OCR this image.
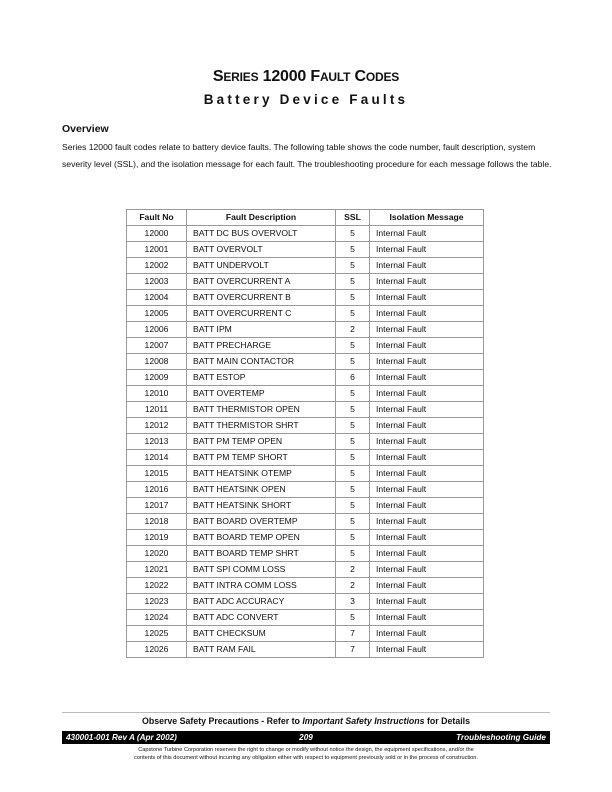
SERIES 12000 FAULT CODES
Battery Device Faults
Overview

Series 12000 fault codes relate to battery device faults. The following table shows the code number, fault description, system severity level (SSL), and the isolation message for each fault. The troubleshooting procedure for each message follows the table.

Fault No	Fault Description	SSL	Isolation Message
12000	BATT DC BUS OVERVOLT	5	Internal Fault
12001	BATT OVERVOLT	5	Internal Fault
12002	BATT UNDERVOLT	5	Internal Fault
12003	BATT OVERCURRENT A	5	Internal Fault
12004	BATT OVERCURRENT B	5	Internal Fault
12005	BATT OVERCURRENT C	5	Internal Fault
12006	BATT IPM	2	Internal Fault
12007	BATT PRECHARGE	5	Internal Fault
12008	BATT MAIN CONTACTOR	5	Internal Fault
12009	BATT ESTOP	6	Internal Fault
12010	BATT OVERTEMP	5	Internal Fault
12011	BATT THERMISTOR OPEN	5	Internal Fault
12012	BATT THERMISTOR SHRT	5	Internal Fault
12013	BATT PM TEMP OPEN	5	Internal Fault
12014	BATT PM TEMP SHORT	5	Internal Fault
12015	BATT HEATSINK OTEMP	5	Internal Fault
12016	BATT HEATSINK OPEN	5	Internal Fault
12017	BATT HEATSINK SHORT	5	Internal Fault
12018	BATT BOARD OVERTEMP	5	Internal Fault
12019	BATT BOARD TEMP OPEN	5	Internal Fault
12020	BATT BOARD TEMP SHRT	5	Internal Fault
12021	BATT SPI COMM LOSS	2	Internal Fault
12022	BATT INTRA COMM LOSS	2	Internal Fault
12023	BATT ADC ACCURACY	3	Internal Fault
12024	BATT ADC CONVERT	5	Internal Fault
12025	BATT CHECKSUM	7	Internal Fault
12026	BATT RAM FAIL	7	Internal Fault
Observe Safety Precautions - Refer to Important Safety Instructions for Details
209
430001-001 Rev A (Apr 2002)	Troubleshooting Guide

Capstone Turbine Corporation reserves the right to change or modify without notice the design, the equipment specifications, and/or the
contents of this document without incurring any obligation either with respect to equipment previously sold or in the process of construction.
